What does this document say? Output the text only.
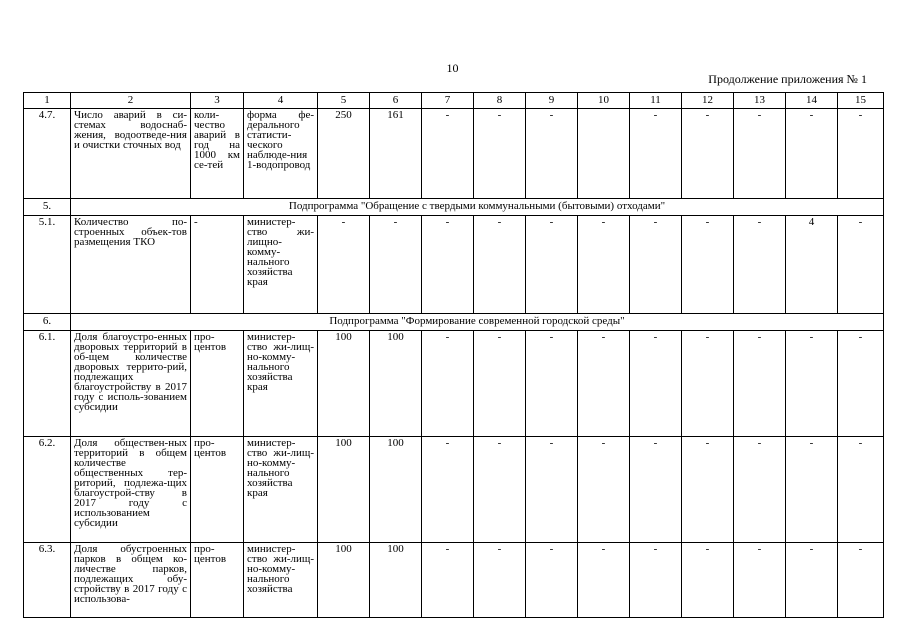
10
Продолжение приложения № 1
1	2	3	4	5	6	7	8	9	10	11	12	13	14	15
4.7.	Число аварий в си-стемах водоснаб-жения, водоотведе-ния и очистки сточных вод	коли-чество аварий в год на 1000 км се-тей	форма фе-дерального статисти-ческого наблюде-ния 1-водопровод	250	161	-	-	-		-	-	-	-	-
5.	Подпрограмма "Обращение с твердыми коммунальными (бытовыми) отходами"													
5.1.	Количество по-строенных объек-тов размещения ТКО	-	министер-ство жи-лищно-комму-нального хозяйства края	-	-	-	-	-	-	-	-	-	4	-
6.	Подпрограмма "Формирование современной городской среды"													
6.1.	Доля благоустро-енных дворовых территорий в об-щем количестве дворовых террито-рий, подлежащих благоустройству в 2017 году с исполь-зованием субсидии	про-центов	министер-ство жи-лищ-но-комму-нального хозяйства края	100	100	-	-	-	-	-	-	-	-	-
6.2.	Доля обществен-ных территорий в общем количестве общественных тер-риторий, подлежа-щих благоустрой-ству в 2017 году с использованием субсидии	про-центов	министер-ство жи-лищ-но-комму-нального хозяйства края	100	100	-	-	-	-	-	-	-	-	-
6.3.	Доля обустроенных парков в общем ко-личестве парков, подлежащих обу-стройству в 2017 году с использова-	про-центов	министер-ство жи-лищ-но-комму-нального хозяйства	100	100	-	-	-	-	-	-	-	-	-
